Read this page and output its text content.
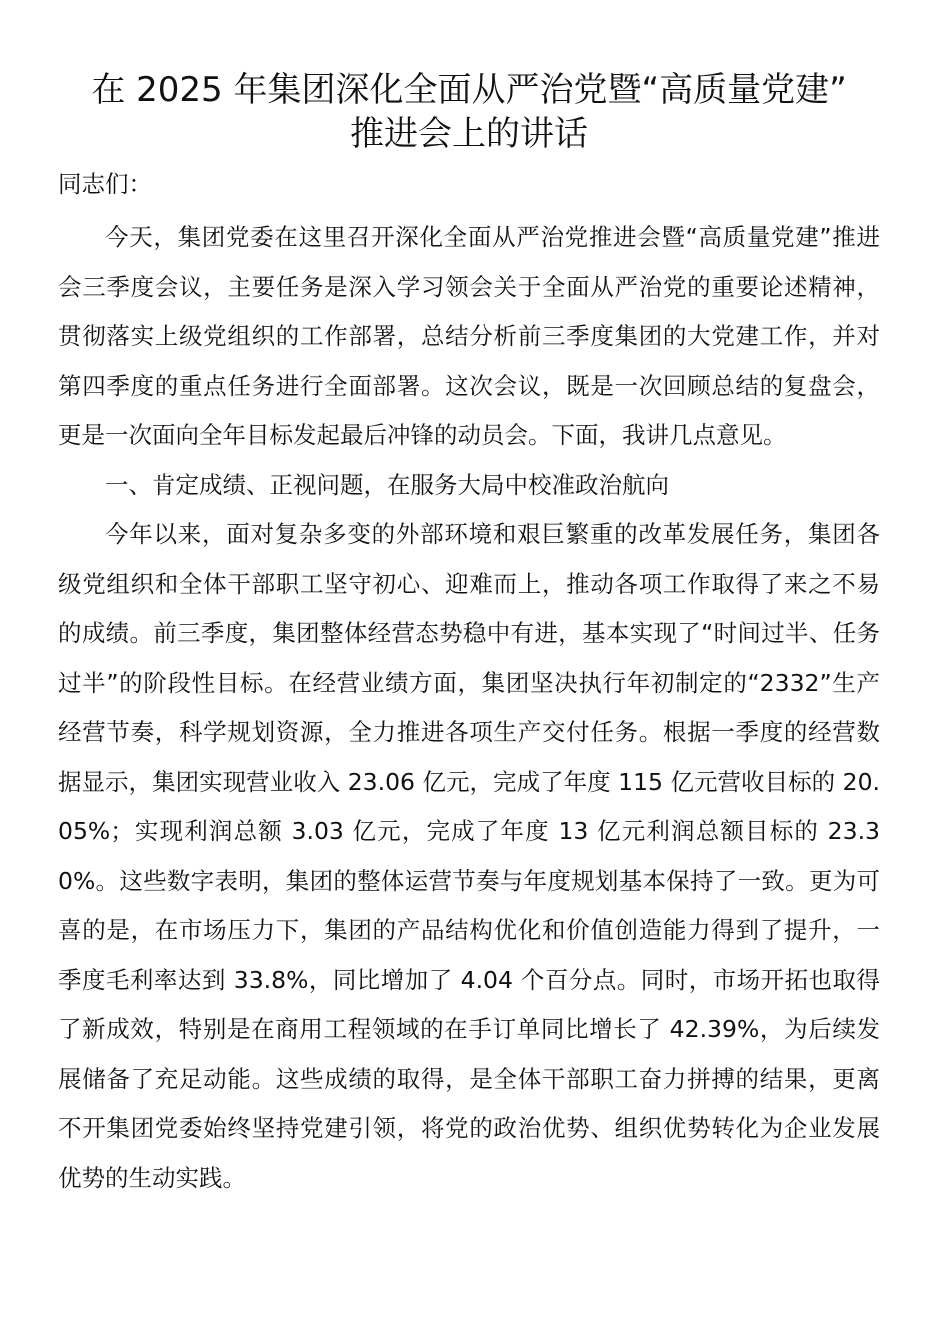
在 2025 年集团深化全面从严治党暨“高质量党建”
推进会上的讲话

同志们：

今天，集团党委在这里召开深化全面从严治党推进会暨“高质量党建”推进会三季度会议，主要任务是深入学习领会关于全面从严治党的重要论述精神，贯彻落实上级党组织的工作部署，总结分析前三季度集团的大党建工作，并对第四季度的重点任务进行全面部署。这次会议，既是一次回顾总结的复盘会，更是一次面向全年目标发起最后冲锋的动员会。下面，我讲几点意见。

一、肯定成绩、正视问题，在服务大局中校准政治航向

今年以来，面对复杂多变的外部环境和艰巨繁重的改革发展任务，集团各级党组织和全体干部职工坚守初心、迎难而上，推动各项工作取得了来之不易的成绩。前三季度，集团整体经营态势稳中有进，基本实现了“时间过半、任务过半”的阶段性目标。在经营业绩方面，集团坚决执行年初制定的“2332”生产经营节奏，科学规划资源，全力推进各项生产交付任务。根据一季度的经营数据显示，集团实现营业收入 23.06 亿元，完成了年度 115 亿元营收目标的 20.05%；实现利润总额 3.03 亿元，完成了年度 13 亿元利润总额目标的 23.30%。这些数字表明，集团的整体运营节奏与年度规划基本保持了一致。更为可喜的是，在市场压力下，集团的产品结构优化和价值创造能力得到了提升，一季度毛利率达到 33.8%，同比增加了 4.04 个百分点。同时，市场开拓也取得了新成效，特别是在商用工程领域的在手订单同比增长了 42.39%，为后续发展储备了充足动能。这些成绩的取得，是全体干部职工奋力拼搏的结果，更离不开集团党委始终坚持党建引领，将党的政治优势、组织优势转化为企业发展优势的生动实践。
